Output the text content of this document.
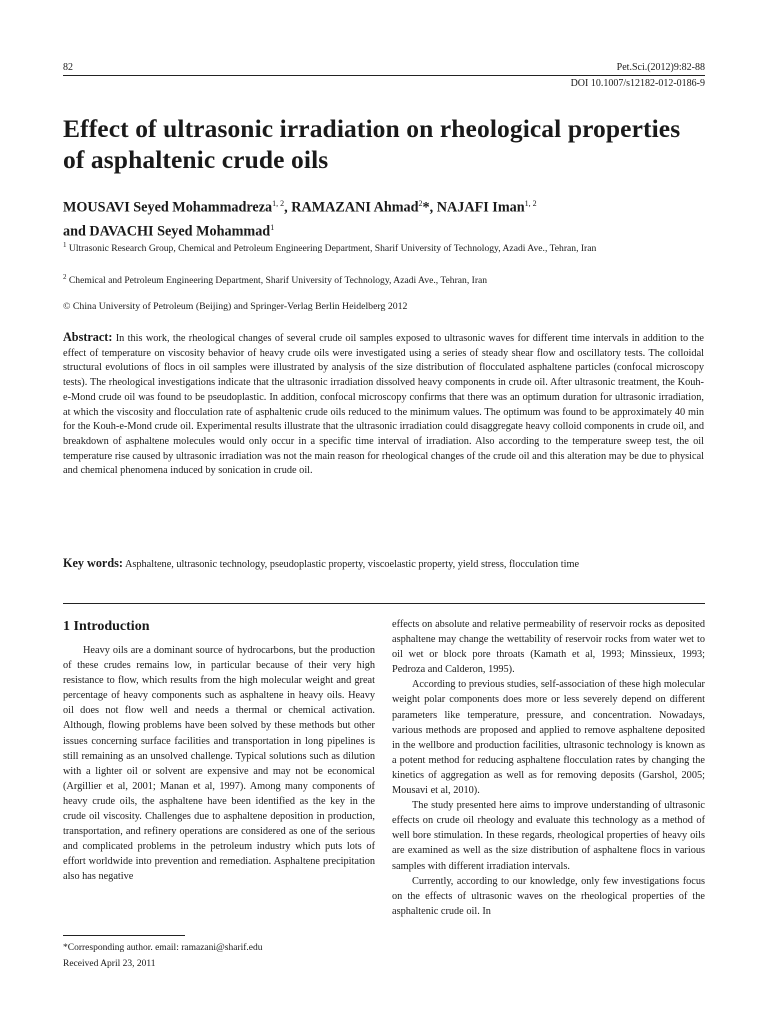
82	Pet.Sci.(2012)9:82-88
DOI 10.1007/s12182-012-0186-9
Effect of ultrasonic irradiation on rheological properties of asphaltenic crude oils
MOUSAVI Seyed Mohammadreza$^{1, 2}$, RAMAZANI Ahmad$^2$*, NAJAFI Iman$^{1, 2}$
and DAVACHI Seyed Mohammad$^1$
$^1$ Ultrasonic Research Group, Chemical and Petroleum Engineering Department, Sharif University of Technology, Azadi Ave., Tehran, Iran
$^2$ Chemical and Petroleum Engineering Department, Sharif University of Technology, Azadi Ave., Tehran, Iran
© China University of Petroleum (Beijing) and Springer-Verlag Berlin Heidelberg 2012
Abstract: In this work, the rheological changes of several crude oil samples exposed to ultrasonic waves for different time intervals in addition to the effect of temperature on viscosity behavior of heavy crude oils were investigated using a series of steady shear flow and oscillatory tests. The colloidal structural evolutions of flocs in oil samples were illustrated by analysis of the size distribution of flocculated asphaltene particles (confocal microscopy tests). The rheological investigations indicate that the ultrasonic irradiation dissolved heavy components in crude oil. After ultrasonic treatment, the Kouh-e-Mond crude oil was found to be pseudoplastic. In addition, confocal microscopy confirms that there was an optimum duration for ultrasonic irradiation, at which the viscosity and flocculation rate of asphaltenic crude oils reduced to the minimum values. The optimum was found to be approximately 40 min for the Kouh-e-Mond crude oil. Experimental results illustrate that the ultrasonic irradiation could disaggregate heavy colloid components in crude oil, and breakdown of asphaltene molecules would only occur in a specific time interval of irradiation. Also according to the temperature sweep test, the oil temperature rise caused by ultrasonic irradiation was not the main reason for rheological changes of the crude oil and this alteration may be due to physical and chemical phenomena induced by sonication in crude oil.
Key words: Asphaltene, ultrasonic technology, pseudoplastic property, viscoelastic property, yield stress, flocculation time
1 Introduction

Heavy oils are a dominant source of hydrocarbons, but the production of these crudes remains low, in particular because of their very high resistance to flow, which results from the high molecular weight and great percentage of heavy components such as asphaltene in heavy oils. Heavy oil does not flow well and needs a thermal or chemical activation. Although, flowing problems have been solved by these methods but other issues concerning surface facilities and transportation in long pipelines is still remaining as an unsolved challenge. Typical solutions such as dilution with a lighter oil or solvent are expensive and may not be economical (Argillier et al, 2001; Manan et al, 1997). Among many components of heavy crude oils, the asphaltene have been identified as the key in the crude oil viscosity. Challenges due to asphaltene deposition in production, transportation, and refinery operations are considered as one of the serious and complicated problems in the petroleum industry which puts lots of effort worldwide into prevention and remediation. Asphaltene precipitation also has negative

effects on absolute and relative permeability of reservoir rocks as deposited asphaltene may change the wettability of reservoir rocks from water wet to oil wet or block pore throats (Kamath et al, 1993; Minssieux, 1993; Pedroza and Calderon, 1995).

According to previous studies, self-association of these high molecular weight polar components does more or less severely depend on different parameters like temperature, pressure, and concentration. Nowadays, various methods are proposed and applied to remove asphaltene deposited in the wellbore and production facilities, ultrasonic technology is known as a potent method for reducing asphaltene flocculation rates by changing the kinetics of aggregation as well as for removing deposits (Garshol, 2005; Mousavi et al, 2010).

The study presented here aims to improve understanding of ultrasonic effects on crude oil rheology and evaluate this technology as a method of well bore stimulation. In these regards, rheological properties of heavy oils are examined as well as the size distribution of asphaltene flocs in various samples with different irradiation intervals.

Currently, according to our knowledge, only few investigations focus on the effects of ultrasonic waves on the rheological properties of the asphaltenic crude oil. In

*Corresponding author. email: ramazani@sharif.edu
Received April 23, 2011
